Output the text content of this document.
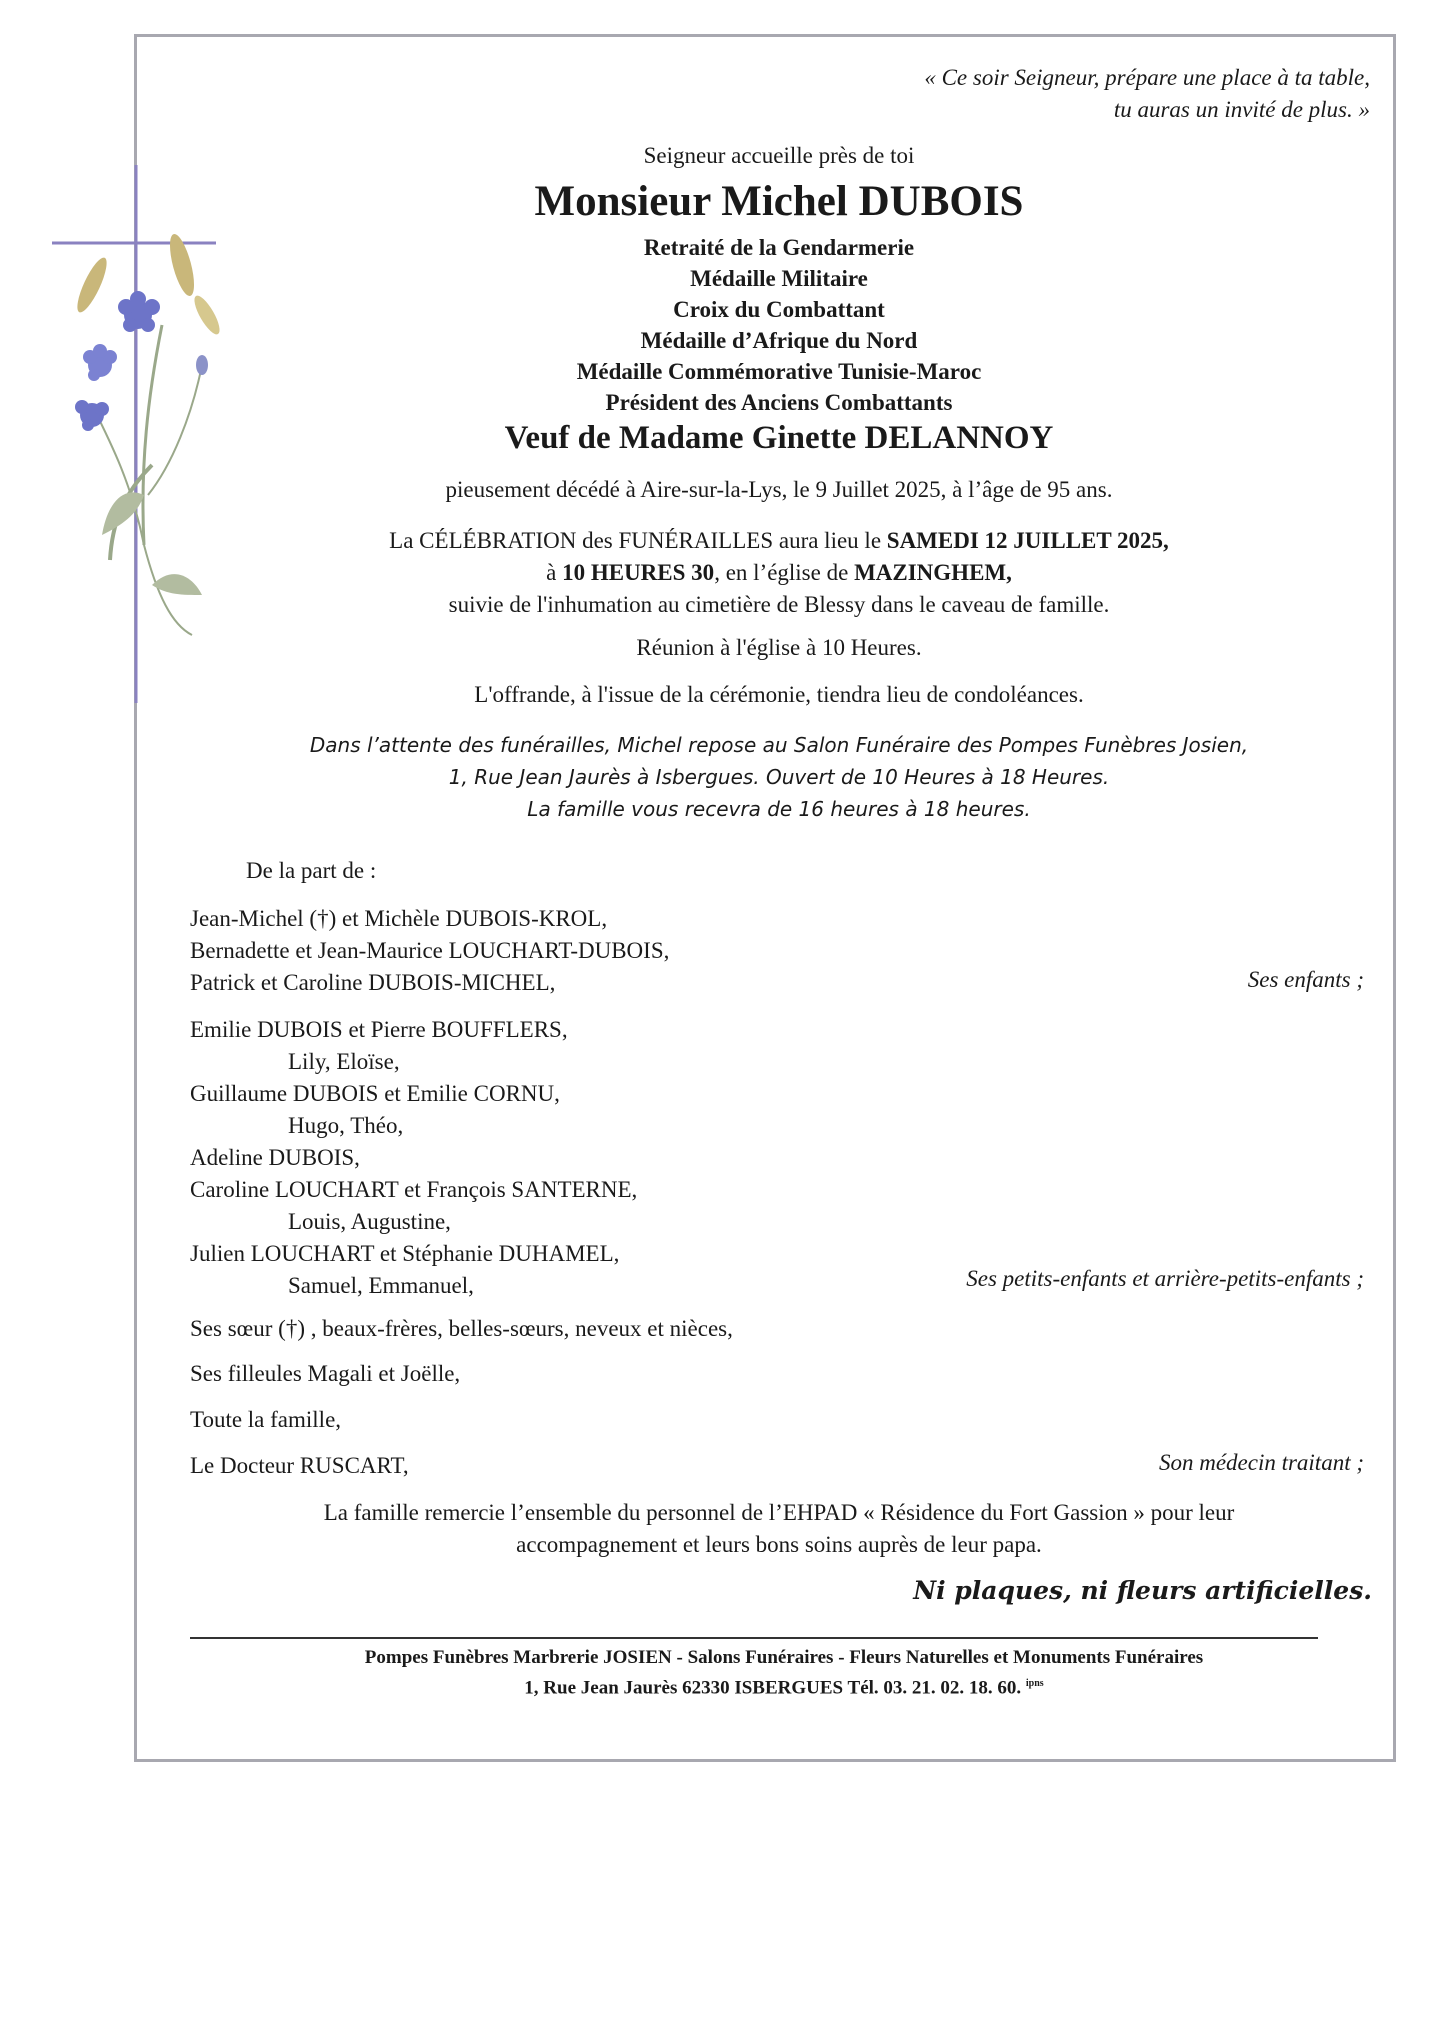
« Ce soir Seigneur, prépare une place à ta table,
tu auras un invité de plus. »
Seigneur accueille près de toi
Monsieur Michel DUBOIS
Retraité de la Gendarmerie
Médaille Militaire
Croix du Combattant
Médaille d’Afrique du Nord
Médaille Commémorative Tunisie-Maroc
Président des Anciens Combattants
Veuf de Madame Ginette DELANNOY
pieusement décédé à Aire-sur-la-Lys, le 9 Juillet 2025, à l’âge de 95 ans.
La CÉLÉBRATION des FUNÉRAILLES aura lieu le SAMEDI 12 JUILLET 2025,
à 10 HEURES 30, en l’église de MAZINGHEM,
suivie de l'inhumation au cimetière de Blessy dans le caveau de famille.
Réunion à l'église à 10 Heures.
L'offrande, à l'issue de la cérémonie, tiendra lieu de condoléances.
Dans l’attente des funérailles, Michel repose au Salon Funéraire des Pompes Funèbres Josien,
1, Rue Jean Jaurès à Isbergues. Ouvert de 10 Heures à 18 Heures.
La famille vous recevra de 16 heures à 18 heures.
De la part de :
Jean-Michel (†) et Michèle DUBOIS-KROL,
Bernadette et Jean-Maurice LOUCHART-DUBOIS,
Patrick et Caroline DUBOIS-MICHEL,	Ses enfants ;
Emilie DUBOIS et Pierre BOUFFLERS,
Lily, Eloïse,
Guillaume DUBOIS et Emilie CORNU,
Hugo, Théo,
Adeline DUBOIS,
Caroline LOUCHART et François SANTERNE,
Louis, Augustine,
Julien LOUCHART et Stéphanie DUHAMEL,
Samuel, Emmanuel,	Ses petits-enfants et arrière-petits-enfants ;
Ses sœur (†) , beaux-frères, belles-sœurs, neveux et nièces,
Ses filleules Magali et Joëlle,
Toute la famille,
Le Docteur RUSCART,	Son médecin traitant ;
La famille remercie l’ensemble du personnel de l’EHPAD « Résidence du Fort Gassion » pour leur
accompagnement et leurs bons soins auprès de leur papa.
Ni plaques, ni fleurs artificielles.
Pompes Funèbres Marbrerie JOSIEN - Salons Funéraires - Fleurs Naturelles et Monuments Funéraires
1, Rue Jean Jaurès 62330 ISBERGUES Tél. 03. 21. 02. 18. 60. $^{ipns}$
